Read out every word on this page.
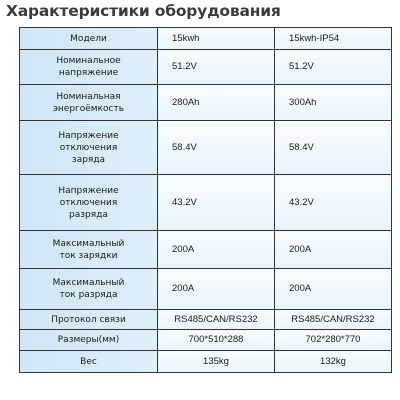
Характеристики оборудования
Модели	15kwh	15kwh-IP54
Номинальное
напряжение	51.2V	51.2V
Номинальная
энергоёмкость	280Ah	300Ah
Напряжение
отключения
заряда	58.4V	58.4V
Напряжение
отключения
разряда	43.2V	43.2V
Максимальный
ток зарядки	200A	200A
Максимальный
ток разряда	200A	200A
Протокол связи	RS485/CAN/RS232	RS485/CAN/RS232
Размеры(мм)	700*510*288	702*280*770
Вес	135kg	132kg
